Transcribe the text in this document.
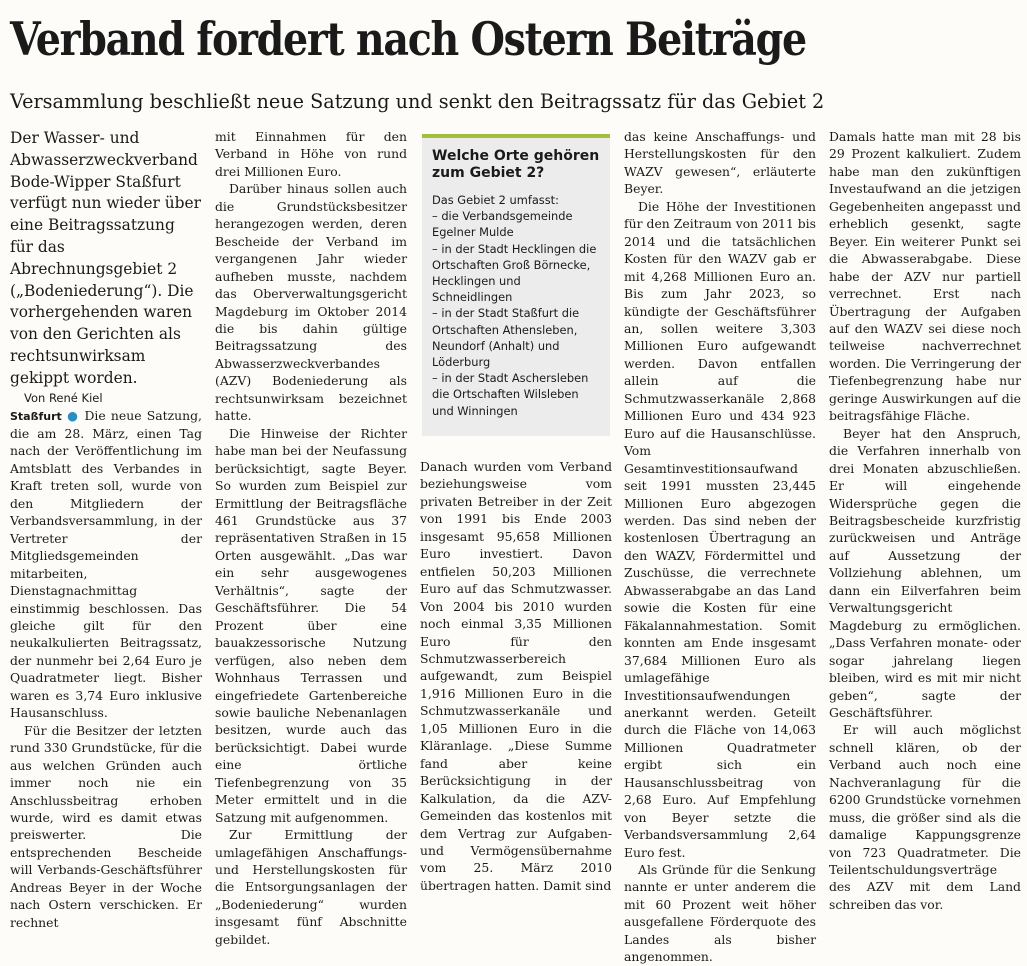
Verband fordert nach Ostern Beiträge
Versammlung beschließt neue Satzung und senkt den Beitragssatz für das Gebiet 2

Der Wasser- und Abwasserzweckverband Bode-Wipper Staßfurt verfügt nun wieder über eine Beitragssatzung für das Abrechnungsgebiet 2 („Bodeniederung“). Die vorhergehenden waren von den Gerichten als rechtsunwirksam gekippt worden.

Von René Kiel

Staßfurt ● Die neue Satzung, die am 28. März, einen Tag nach der Veröffentlichung im Amtsblatt des Verbandes in Kraft treten soll, wurde von den Mitgliedern der Verbandsversammlung, in der Vertreter der Mitgliedsgemeinden mitarbeiten, Dienstagnachmittag einstimmig beschlossen. Das gleiche gilt für den neukalkulierten Beitragssatz, der nunmehr bei 2,64 Euro je Quadratmeter liegt. Bisher waren es 3,74 Euro inklusive Hausanschluss.

Für die Besitzer der letzten rund 330 Grundstücke, für die aus welchen Gründen auch immer noch nie ein Anschlussbeitrag erhoben wurde, wird es damit etwas preiswerter. Die entsprechenden Bescheide will Verbands-Geschäftsführer Andreas Beyer in der Woche nach Ostern verschicken. Er rechnet

mit Einnahmen für den Verband in Höhe von rund drei Millionen Euro.

Darüber hinaus sollen auch die Grundstücksbesitzer herangezogen werden, deren Bescheide der Verband im vergangenen Jahr wieder aufheben musste, nachdem das Oberverwaltungsgericht Magdeburg im Oktober 2014 die bis dahin gültige Beitragssatzung des Abwasserzweckverbandes (AZV) Bodeniederung als rechtsunwirksam bezeichnet hatte.

Die Hinweise der Richter habe man bei der Neufassung berücksichtigt, sagte Beyer. So wurden zum Beispiel zur Ermittlung der Beitragsfläche 461 Grundstücke aus 37 repräsentativen Straßen in 15 Orten ausgewählt. „Das war ein sehr ausgewogenes Verhältnis“, sagte der Geschäftsführer. Die 54 Prozent über eine bauakzessorische Nutzung verfügen, also neben dem Wohnhaus Terrassen und eingefriedete Gartenbereiche sowie bauliche Nebenanlagen besitzen, wurde auch das berücksichtigt. Dabei wurde eine örtliche Tiefenbegrenzung von 35 Meter ermittelt und in die Satzung mit aufgenommen.

Zur Ermittlung der umlagefähigen Anschaffungs- und Herstellungskosten für die Entsorgungsanlagen der „Bodeniederung“ wurden insgesamt fünf Abschnitte gebildet.

Welche Orte gehören zum Gebiet 2?

Das Gebiet 2 umfasst:

– die Verbandsgemeinde Egelner Mulde
– in der Stadt Hecklingen die Ortschaften Groß Börnecke, Hecklingen und Schneidlingen
– in der Stadt Staßfurt die Ortschaften Athensleben, Neundorf (Anhalt) und Löderburg
– in der Stadt Aschersleben die Ortschaften Wilsleben und Winningen

Danach wurden vom Verband beziehungsweise vom privaten Betreiber in der Zeit von 1991 bis Ende 2003 insgesamt 95,658 Millionen Euro investiert. Davon entfielen 50,203 Millionen Euro auf das Schmutzwasser. Von 2004 bis 2010 wurden noch einmal 3,35 Millionen Euro für den Schmutzwasserbereich aufgewandt, zum Beispiel 1,916 Millionen Euro in die Schmutzwasserkanäle und 1,05 Millionen Euro in die Kläranlage. „Diese Summe fand aber keine Berücksichtigung in der Kalkulation, da die AZV-Gemeinden das kostenlos mit dem Vertrag zur Aufgaben- und Vermögensübernahme vom 25. März 2010 übertragen hatten. Damit sind

das keine Anschaffungs- und Herstellungskosten für den WAZV gewesen“, erläuterte Beyer.

Die Höhe der Investitionen für den Zeitraum von 2011 bis 2014 und die tatsächlichen Kosten für den WAZV gab er mit 4,268 Millionen Euro an. Bis zum Jahr 2023, so kündigte der Geschäftsführer an, sollen weitere 3,303 Millionen Euro aufgewandt werden. Davon entfallen allein auf die Schmutzwasserkanäle 2,868 Millionen Euro und 434 923 Euro auf die Hausanschlüsse. Vom Gesamtinvestitionsaufwand seit 1991 mussten 23,445 Millionen Euro abgezogen werden. Das sind neben der kostenlosen Übertragung an den WAZV, Fördermittel und Zuschüsse, die verrechnete Abwasserabgabe an das Land sowie die Kosten für eine Fäkalannahmestation. Somit konnten am Ende insgesamt 37,684 Millionen Euro als umlagefähige Investitionsaufwendungen anerkannt werden. Geteilt durch die Fläche von 14,063 Millionen Quadratmeter ergibt sich ein Hausanschlussbeitrag von 2,68 Euro. Auf Empfehlung von Beyer setzte die Verbandsversammlung 2,64 Euro fest.

Als Gründe für die Senkung nannte er unter anderem die mit 60 Prozent weit höher ausgefallene Förderquote des Landes als bisher angenommen.

Damals hatte man mit 28 bis 29 Prozent kalkuliert. Zudem habe man den zukünftigen Investaufwand an die jetzigen Gegebenheiten angepasst und erheblich gesenkt, sagte Beyer. Ein weiterer Punkt sei die Abwasserabgabe. Diese habe der AZV nur partiell verrechnet. Erst nach Übertragung der Aufgaben auf den WAZV sei diese noch teilweise nachverrechnet worden. Die Verringerung der Tiefenbegrenzung habe nur geringe Auswirkungen auf die beitragsfähige Fläche.

Beyer hat den Anspruch, die Verfahren innerhalb von drei Monaten abzuschließen. Er will eingehende Widersprüche gegen die Beitragsbescheide kurzfristig zurückweisen und Anträge auf Aussetzung der Vollziehung ablehnen, um dann ein Eilverfahren beim Verwaltungsgericht Magdeburg zu ermöglichen. „Dass Verfahren monate- oder sogar jahrelang liegen bleiben, wird es mit mir nicht geben“, sagte der Geschäftsführer.

Er will auch möglichst schnell klären, ob der Verband auch noch eine Nachveranlagung für die 6200 Grundstücke vornehmen muss, die größer sind als die damalige Kappungsgrenze von 723 Quadratmeter. Die Teilentschuldungsverträge des AZV mit dem Land schreiben das vor.
